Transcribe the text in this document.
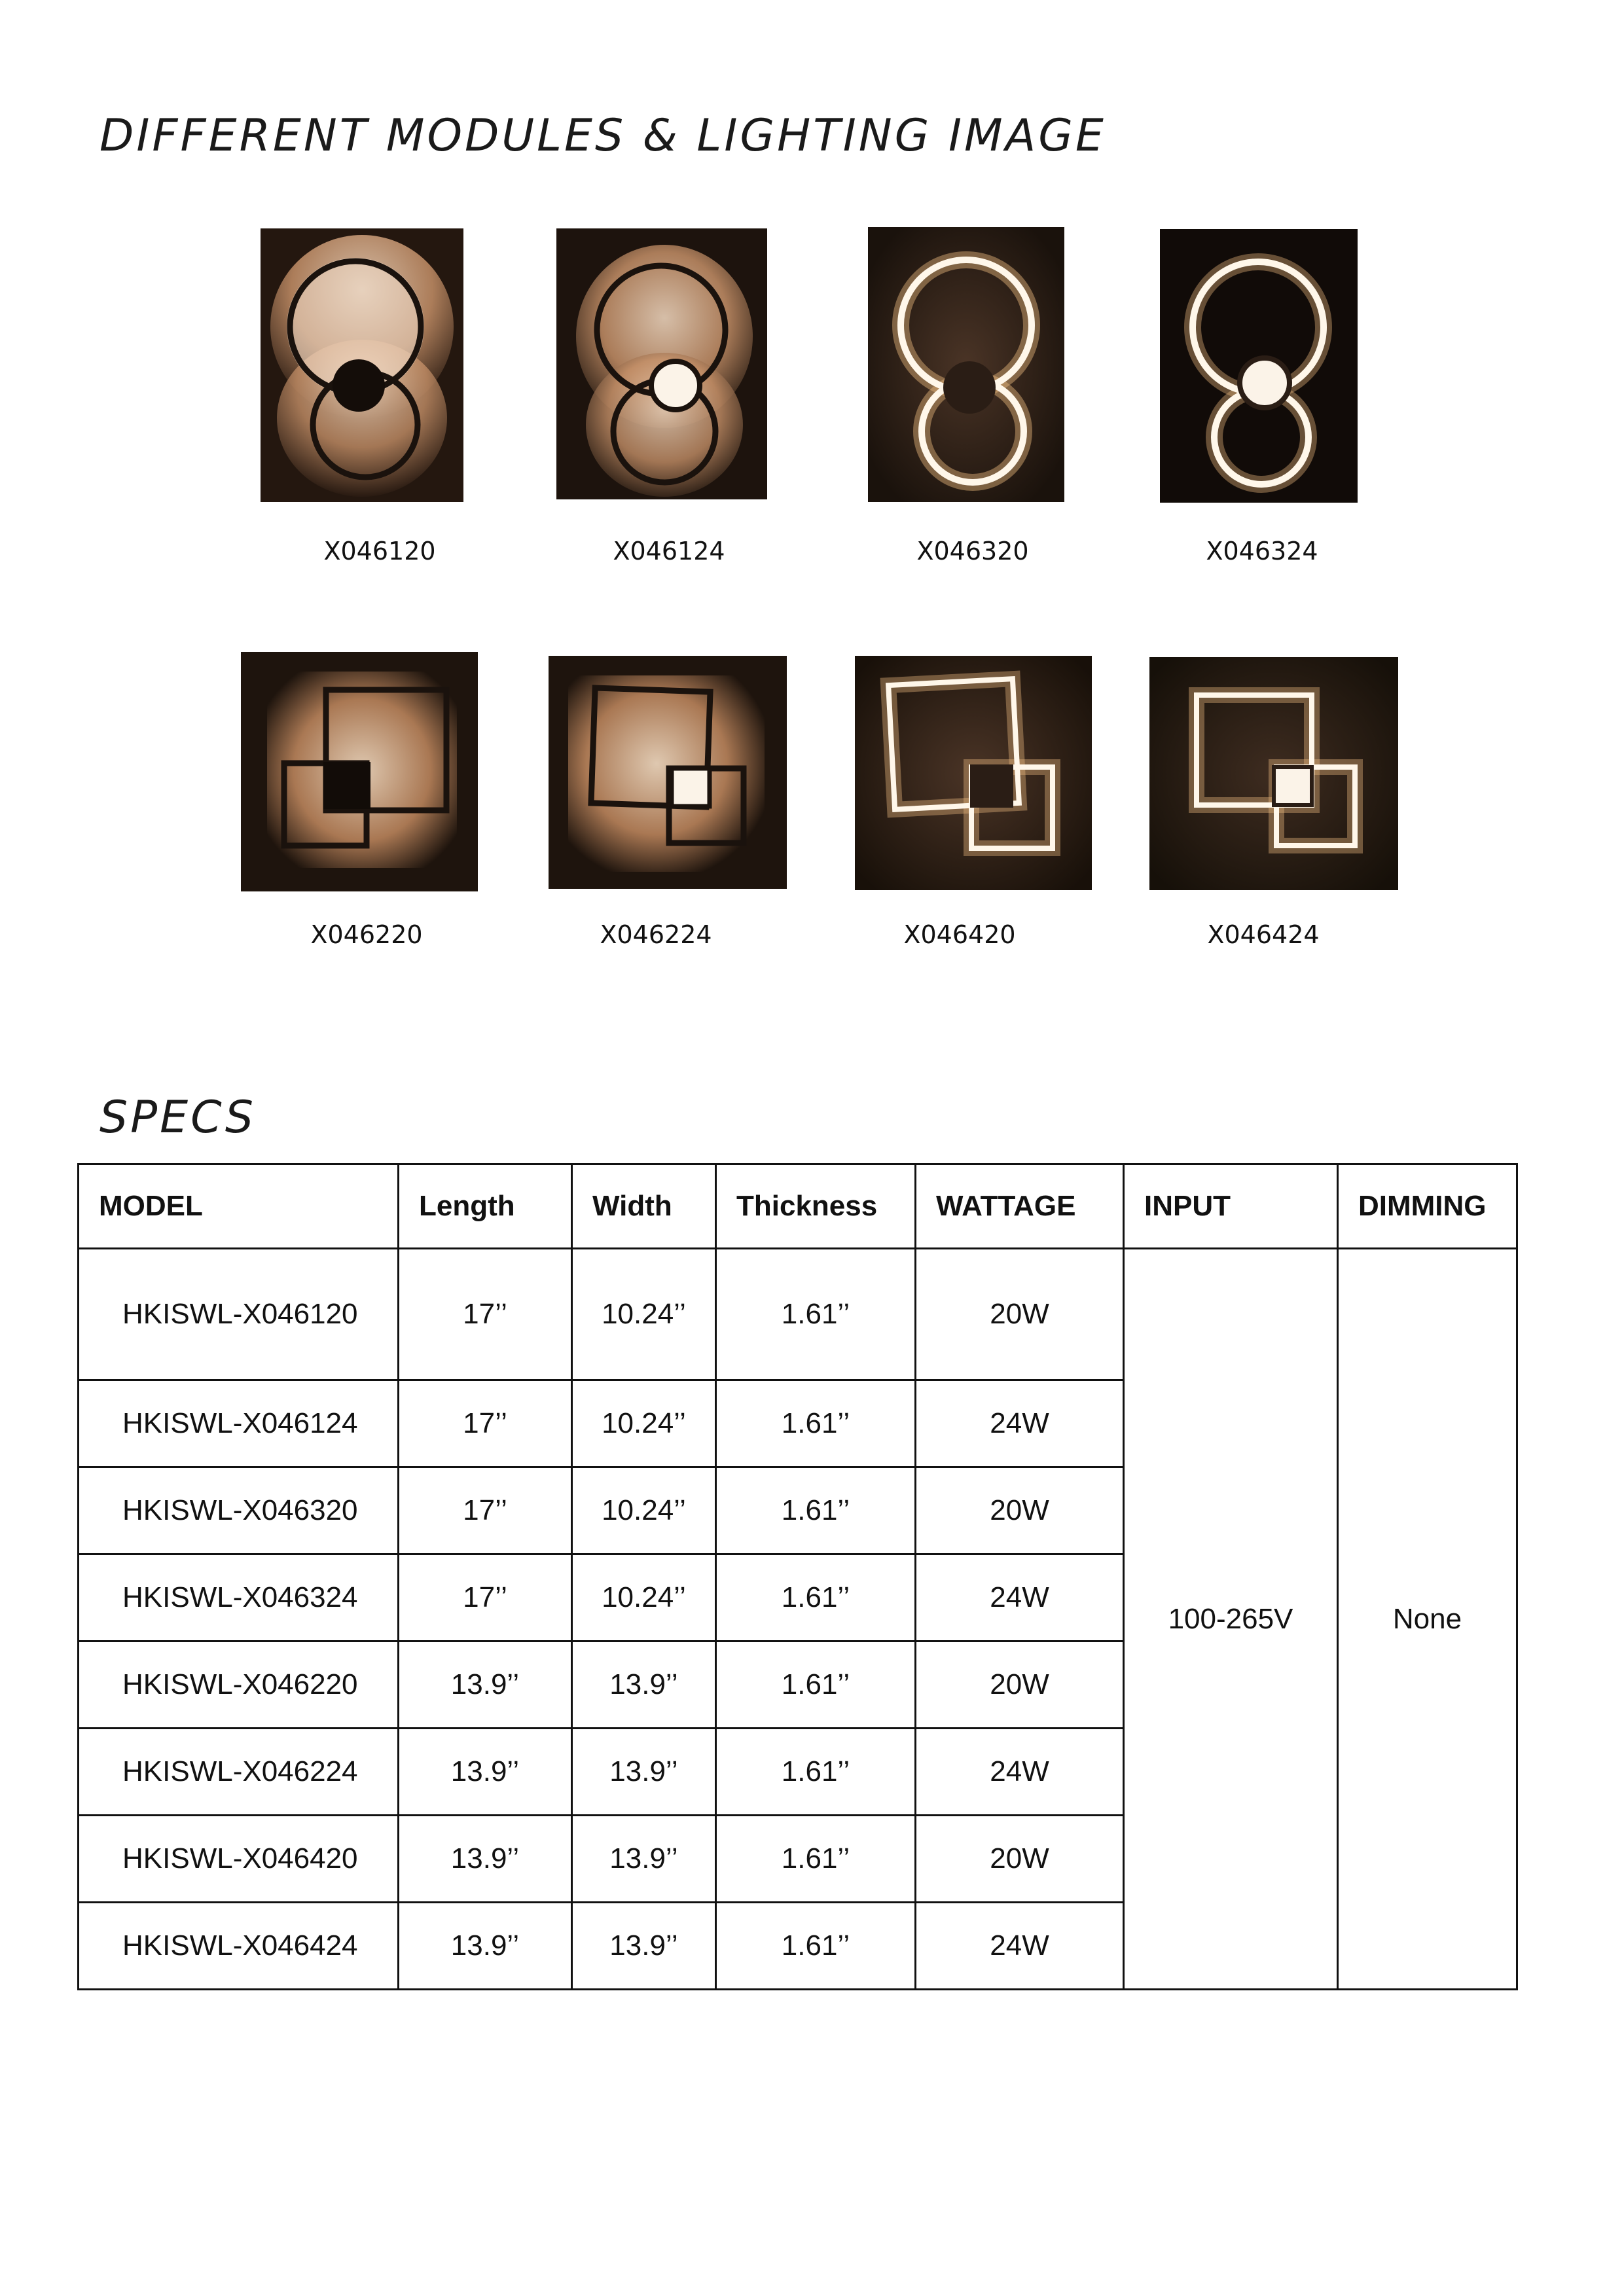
DIFFERENT MODULES & LIGHTING IMAGE
X046120	X046124	X046320	X046324
X046220	X046224	X046420	X046424
SPECS
MODEL	Length	Width	Thickness	WATTAGE	INPUT	DIMMING
HKISWL-X046120	17’’	10.24’’	1.61’’	20W	100-265V	None
HKISWL-X046124	17’’	10.24’’	1.61’’	24W		
HKISWL-X046320	17’’	10.24’’	1.61’’	20W		
HKISWL-X046324	17’’	10.24’’	1.61’’	24W		
HKISWL-X046220	13.9’’	13.9’’	1.61’’	20W		
HKISWL-X046224	13.9’’	13.9’’	1.61’’	24W		
HKISWL-X046420	13.9’’	13.9’’	1.61’’	20W		
HKISWL-X046424	13.9’’	13.9’’	1.61’’	24W		
